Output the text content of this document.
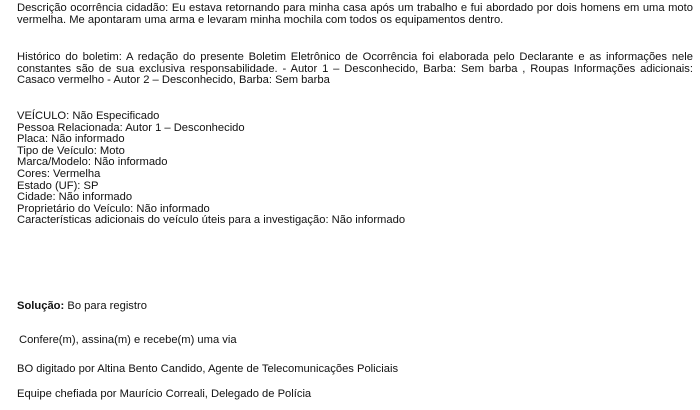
Descrição ocorrência cidadão: Eu estava retornando para minha casa após um trabalho e fui abordado por dois homens em uma moto vermelha. Me apontaram uma arma e levaram minha mochila com todos os equipamentos dentro.
Histórico do boletim: A redação do presente Boletim Eletrônico de Ocorrência foi elaborada pelo Declarante e as informações nele constantes são de sua exclusiva responsabilidade. - Autor 1 – Desconhecido, Barba: Sem barba , Roupas Informações adicionais: Casaco vermelho - Autor 2 – Desconhecido, Barba: Sem barba
VEÍCULO: Não Especificado
Pessoa Relacionada: Autor 1 – Desconhecido
Placa: Não informado
Tipo de Veículo: Moto
Marca/Modelo: Não informado
Cores: Vermelha
Estado (UF): SP
Cidade: Não informado
Proprietário do Veículo: Não informado
Características adicionais do veículo úteis para a investigação: Não informado
Solução: Bo para registro
Confere(m), assina(m) e recebe(m) uma via
BO digitado por Altina Bento Candido, Agente de Telecomunicações Policiais
Equipe chefiada por Maurício Correali, Delegado de Polícia
